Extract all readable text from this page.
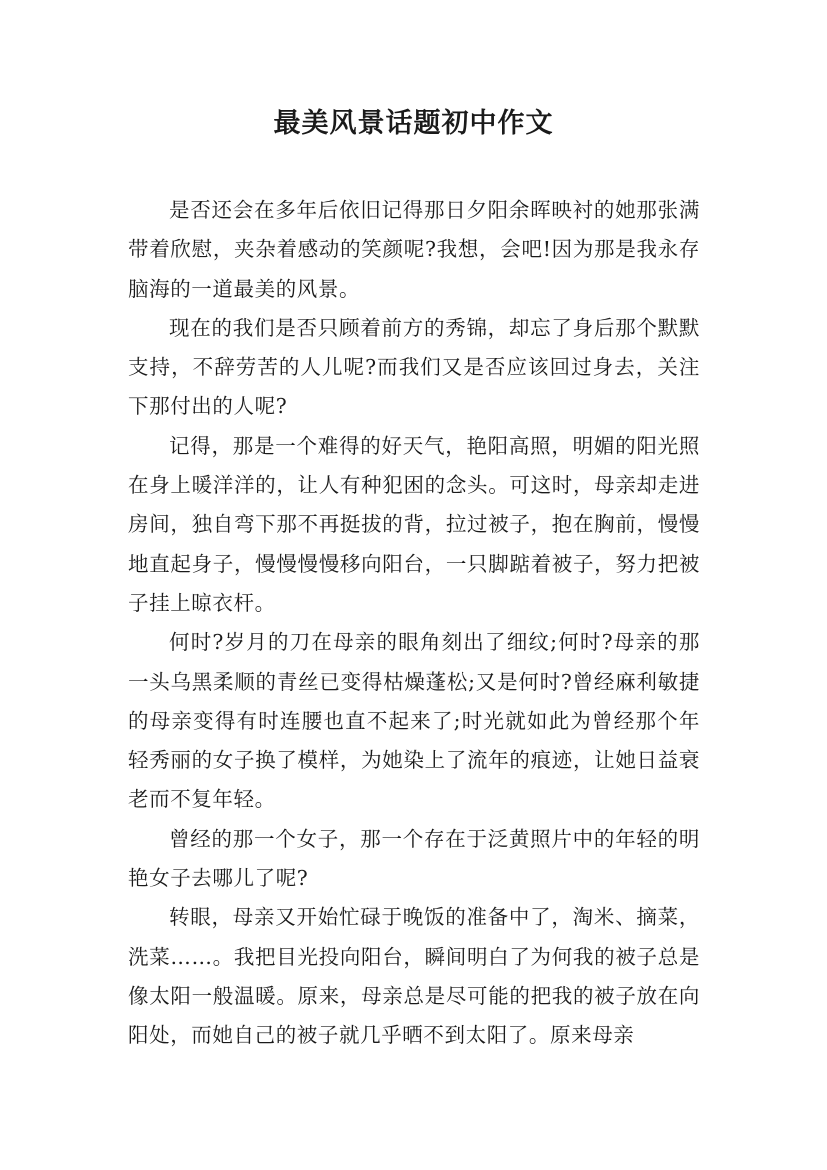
最美风景话题初中作文

是否还会在多年后依旧记得那日夕阳余晖映衬的她那张满带着欣慰，夹杂着感动的笑颜呢?我想，会吧!因为那是我永存脑海的一道最美的风景。

现在的我们是否只顾着前方的秀锦，却忘了身后那个默默支持，不辞劳苦的人儿呢?而我们又是否应该回过身去，关注下那付出的人呢?

记得，那是一个难得的好天气，艳阳高照，明媚的阳光照在身上暖洋洋的，让人有种犯困的念头。可这时，母亲却走进房间，独自弯下那不再挺拔的背，拉过被子，抱在胸前，慢慢地直起身子，慢慢慢慢移向阳台，一只脚踮着被子，努力把被子挂上晾衣杆。

何时?岁月的刀在母亲的眼角刻出了细纹;何时?母亲的那一头乌黑柔顺的青丝已变得枯燥蓬松;又是何时?曾经麻利敏捷的母亲变得有时连腰也直不起来了;时光就如此为曾经那个年轻秀丽的女子换了模样，为她染上了流年的痕迹，让她日益衰老而不复年轻。

曾经的那一个女子，那一个存在于泛黄照片中的年轻的明艳女子去哪儿了呢?

转眼，母亲又开始忙碌于晚饭的准备中了，淘米、摘菜，洗菜……。我把目光投向阳台，瞬间明白了为何我的被子总是像太阳一般温暖。原来，母亲总是尽可能的把我的被子放在向阳处，而她自己的被子就几乎晒不到太阳了。原来母亲
